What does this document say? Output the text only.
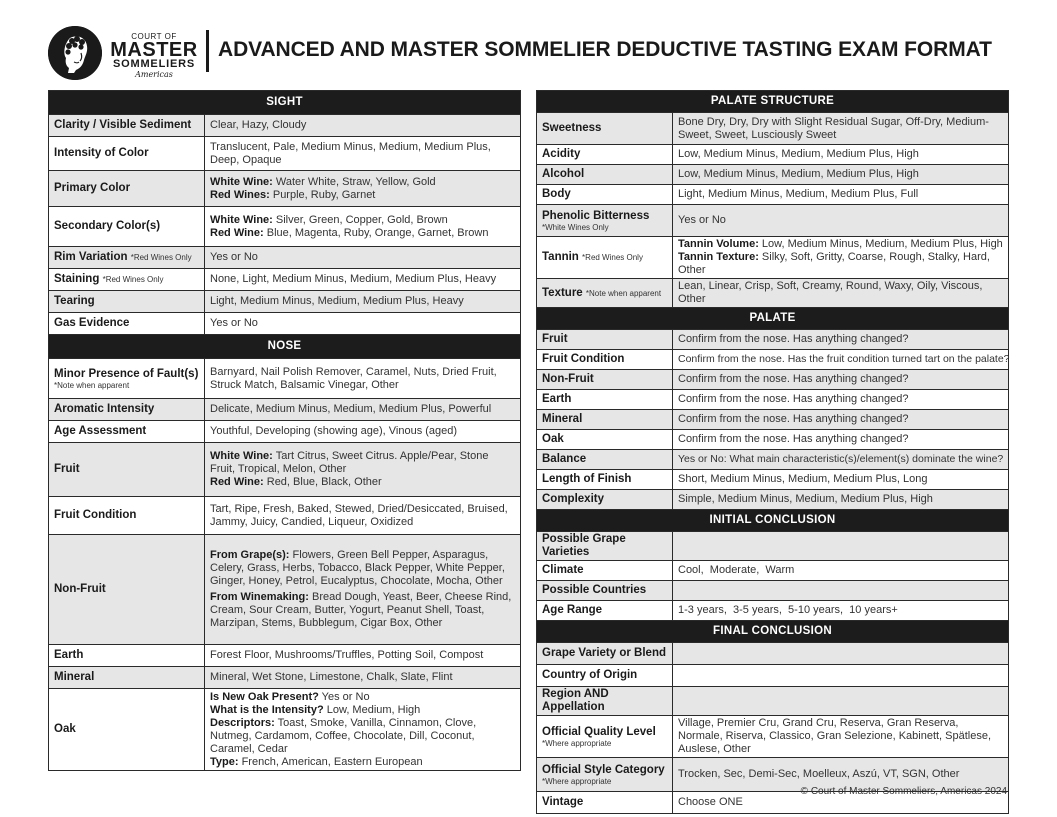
COURT OF
MASTER
SOMMELIERS
Americas
ADVANCED AND MASTER SOMMELIER DEDUCTIVE TASTING EXAM FORMAT
SIGHT	
Clarity / Visible Sediment	Clear, Hazy, Cloudy
Intensity of Color	Translucent, Pale, Medium Minus, Medium, Medium Plus, Deep, Opaque
Primary Color	White Wine: Water White, Straw, Yellow, Gold
Red Wines: Purple, Ruby, Garnet

Secondary Color(s)	White Wine: Silver, Green, Copper, Gold, Brown
Red Wine: Blue, Magenta, Ruby, Orange, Garnet, Brown

Rim Variation *Red Wines Only	Yes or No
Staining *Red Wines Only	None, Light, Medium Minus, Medium, Medium Plus, Heavy
Tearing	Light, Medium Minus, Medium, Medium Plus, Heavy
Gas Evidence	Yes or No
NOSE	
Minor Presence of Fault(s)
*Note when apparent	Barnyard, Nail Polish Remover, Caramel, Nuts, Dried Fruit, Struck Match, Balsamic Vinegar, Other
Aromatic Intensity	Delicate, Medium Minus, Medium, Medium Plus, Powerful
Age Assessment	Youthful, Developing (showing age), Vinous (aged)
Fruit	White Wine: Tart Citrus, Sweet Citrus. Apple/Pear, Stone Fruit, Tropical, Melon, Other
Red Wine: Red, Blue, Black, Other

Fruit Condition	Tart, Ripe, Fresh, Baked, Stewed, Dried/Desiccated, Bruised, Jammy, Juicy, Candied, Liqueur, Oxidized
Non-Fruit	From Grape(s): Flowers, Green Bell Pepper, Asparagus, Celery, Grass, Herbs, Tobacco, Black Pepper, White Pepper, Ginger, Honey, Petrol, Eucalyptus, Chocolate, Mocha, Other
From Winemaking: Bread Dough, Yeast, Beer, Cheese Rind, Cream, Sour Cream, Butter, Yogurt, Peanut Shell, Toast, Marzipan, Stems, Bubblegum, Cigar Box, Other

Earth	Forest Floor, Mushrooms/Truffles, Potting Soil, Compost
Mineral	Mineral, Wet Stone, Limestone, Chalk, Slate, Flint
Oak	Is New Oak Present? Yes or No
What is the Intensity? Low, Medium, High
Descriptors: Toast, Smoke, Vanilla, Cinnamon, Clove, Nutmeg, Cardamom, Coffee, Chocolate, Dill, Coconut, Caramel, Cedar
Type: French, American, Eastern European
PALATE STRUCTURE	
Sweetness	Bone Dry, Dry, Dry with Slight Residual Sugar, Off-Dry, Medium-Sweet, Sweet, Lusciously Sweet
Acidity	Low, Medium Minus, Medium, Medium Plus, High
Alcohol	Low, Medium Minus, Medium, Medium Plus, High
Body	Light, Medium Minus, Medium, Medium Plus, Full
Phenolic Bitterness
*White Wines Only	Yes or No
Tannin *Red Wines Only	Tannin Volume: Low, Medium Minus, Medium, Medium Plus, High
Tannin Texture: Silky, Soft, Gritty, Coarse, Rough, Stalky, Hard, Other

Texture *Note when apparent	Lean, Linear, Crisp, Soft, Creamy, Round, Waxy, Oily, Viscous, Other
PALATE	
Fruit	Confirm from the nose. Has anything changed?
Fruit Condition	Confirm from the nose. Has the fruit condition turned tart on the palate?
Non-Fruit	Confirm from the nose. Has anything changed?
Earth	Confirm from the nose. Has anything changed?
Mineral	Confirm from the nose. Has anything changed?
Oak	Confirm from the nose. Has anything changed?
Balance	Yes or No: What main characteristic(s)/element(s) dominate the wine?
Length of Finish	Short, Medium Minus, Medium, Medium Plus, Long
Complexity	Simple, Medium Minus, Medium, Medium Plus, High
INITIAL CONCLUSION	
Possible Grape Varieties	
Climate	Cool,  Moderate,  Warm
Possible Countries	
Age Range	1-3 years,  3-5 years,  5-10 years,  10 years+
FINAL CONCLUSION	
Grape Variety or Blend	
Country of Origin	
Region AND Appellation	
Official Quality Level
*Where appropriate	Village, Premier Cru, Grand Cru, Reserva, Gran Reserva, Normale, Riserva, Classico, Gran Selezione, Kabinett, Spätlese, Auslese, Other
Official Style Category
*Where appropriate	Trocken, Sec, Demi-Sec, Moelleux, Aszú, VT, SGN, Other
Vintage	Choose ONE
© Court of Master Sommeliers, Americas 2024
